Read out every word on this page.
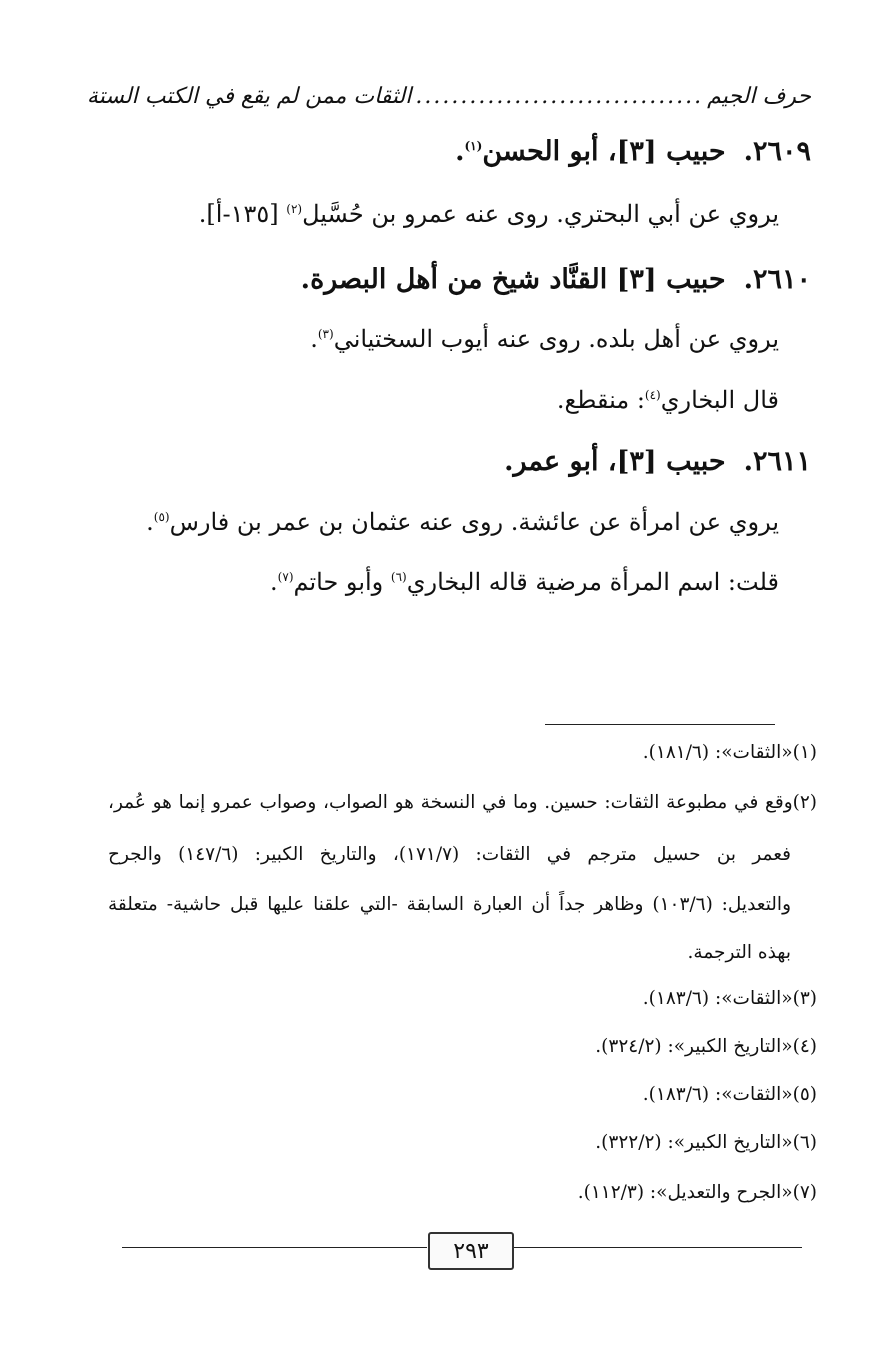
حرف الجيم
................................
الثقات ممن لم يقع في الكتب الستة
٢٦٠٩.حبيب [٣]، أبو الحسن$^{(١)}$.
يروي عن أبي البحتري. روى عنه عمرو بن حُسَّيل$^{(٢)}$ [١٣٥-أ].
٢٦١٠.حبيب [٣] القنَّاد شيخ من أهل البصرة.
يروي عن أهل بلده. روى عنه أيوب السختياني$^{(٣)}$.
قال البخاري$^{(٤)}$: منقطع.
٢٦١١.حبيب [٣]، أبو عمر.
يروي عن امرأة عن عائشة. روى عنه عثمان بن عمر بن فارس$^{(٥)}$.
قلت: اسم المرأة مرضية قاله البخاري$^{(٦)}$ وأبو حاتم$^{(٧)}$.
(١)«الثقات»: (١٨١/٦).
(٢)وقع في مطبوعة الثقات: حسين. وما في النسخة هو الصواب، وصواب عمرو إنما هو عُمر،
فعمر بن حسيل مترجم في الثقات: (١٧١/٧)، والتاريخ الكبير: (١٤٧/٦) والجرح
والتعديل: (١٠٣/٦) وظاهر جداً أن العبارة السابقة -التي علقنا عليها قبل حاشية- متعلقة
بهذه الترجمة.
(٣)«الثقات»: (١٨٣/٦).
(٤)«التاريخ الكبير»: (٣٢٤/٢).
(٥)«الثقات»: (١٨٣/٦).
(٦)«التاريخ الكبير»: (٣٢٢/٢).
(٧)«الجرح والتعديل»: (١١٢/٣).
٢٩٣
